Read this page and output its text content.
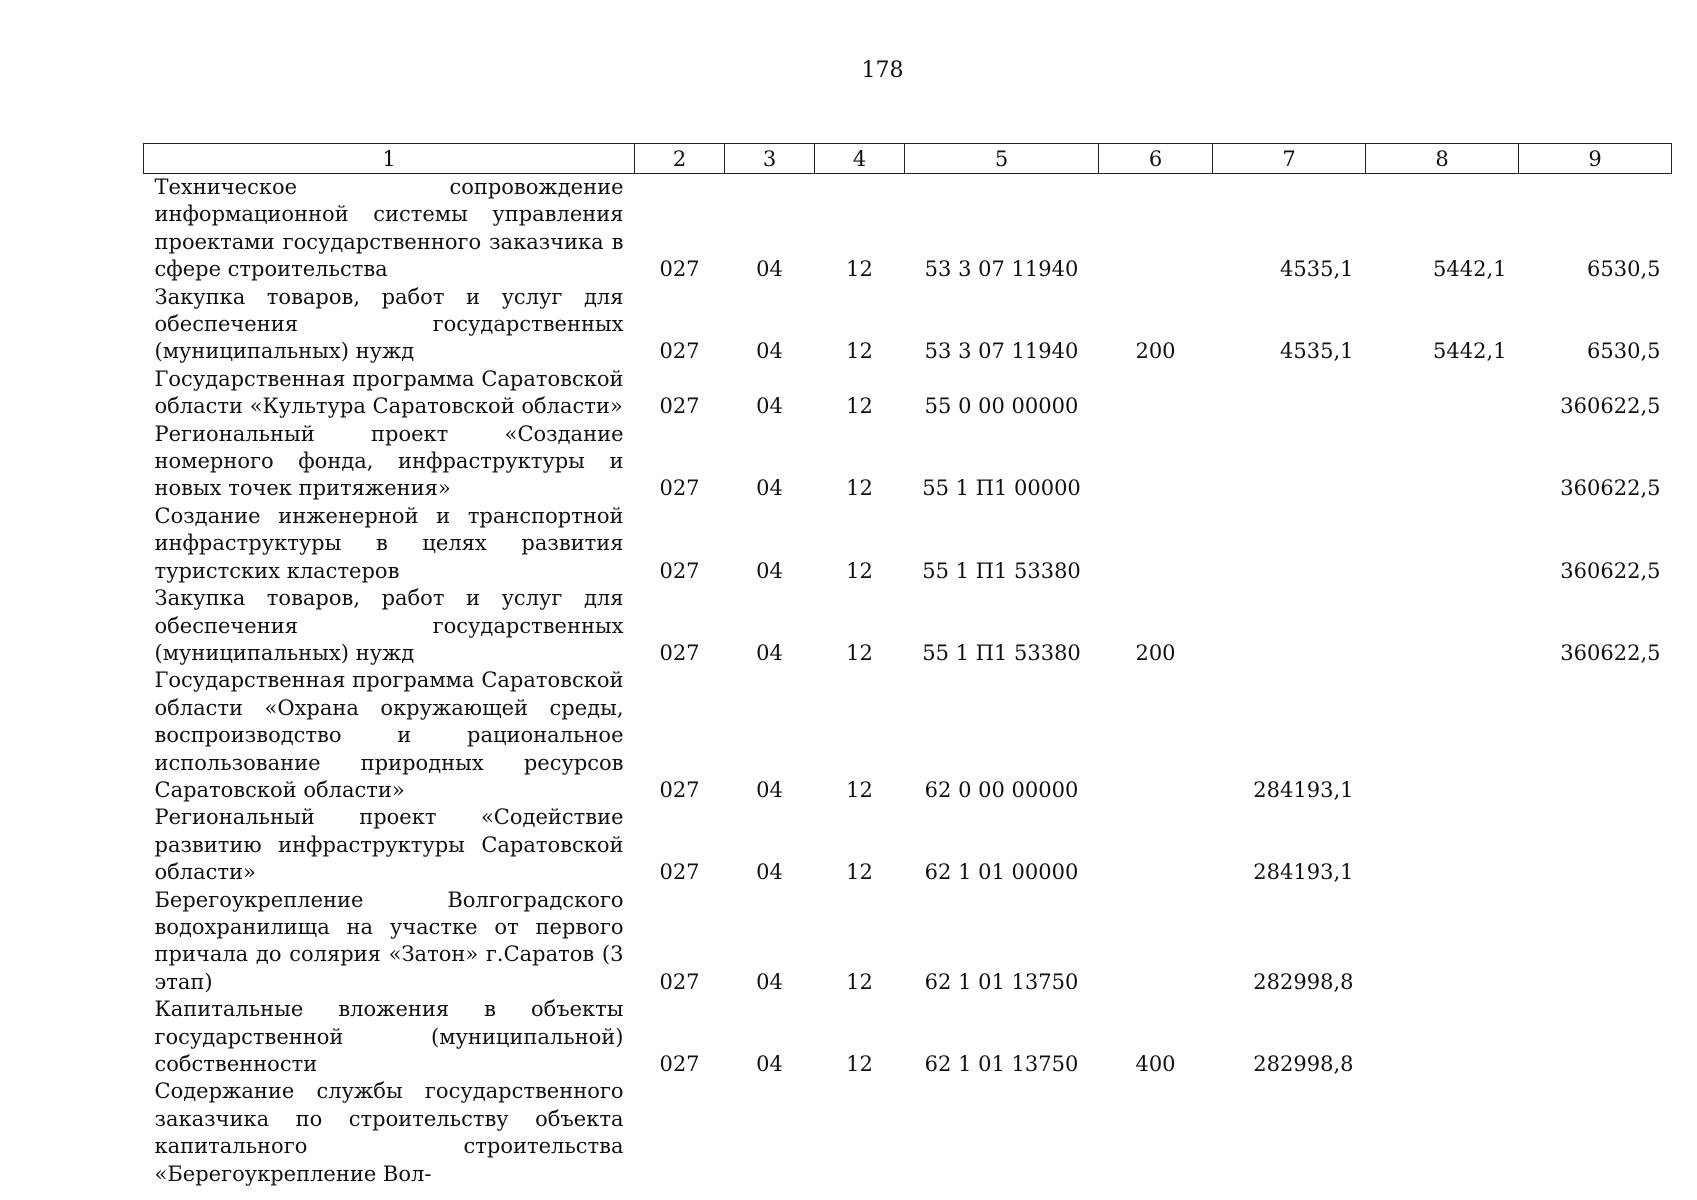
178
1	2	3	4	5	6	7	8	9
Техническое сопровождение информационной системы управления проектами государственного заказчика в сфере строительства	027	04	12	53 3 07 11940		4535,1	5442,1	6530,5
Закупка товаров, работ и услуг для обеспечения государственных (муниципальных) нужд	027	04	12	53 3 07 11940	200	4535,1	5442,1	6530,5
Государственная программа Саратовской области «Культура Саратовской области»	027	04	12	55 0 00 00000				360622,5
Региональный проект «Создание номерного фонда, инфраструктуры и новых точек притяжения»	027	04	12	55 1 П1 00000				360622,5
Создание инженерной и транспортной инфраструктуры в целях развития туристских кластеров	027	04	12	55 1 П1 53380				360622,5
Закупка товаров, работ и услуг для обеспечения государственных (муниципальных) нужд	027	04	12	55 1 П1 53380	200			360622,5
Государственная программа Саратовской области «Охрана окружающей среды, воспроизводство и рациональное использование природных ресурсов Саратовской области»	027	04	12	62 0 00 00000		284193,1		
Региональный проект «Содействие развитию инфраструктуры Саратовской области»	027	04	12	62 1 01 00000		284193,1		
Берегоукрепление Волгоградского водохранилища на участке от первого причала до солярия «Затон» г.Саратов (3 этап)	027	04	12	62 1 01 13750		282998,8		
Капитальные вложения в объекты государственной (муниципальной) собственности	027	04	12	62 1 01 13750	400	282998,8		
Содержание службы государственного заказчика по строительству объекта капитального строительства «Берегоукрепление Вол-								
